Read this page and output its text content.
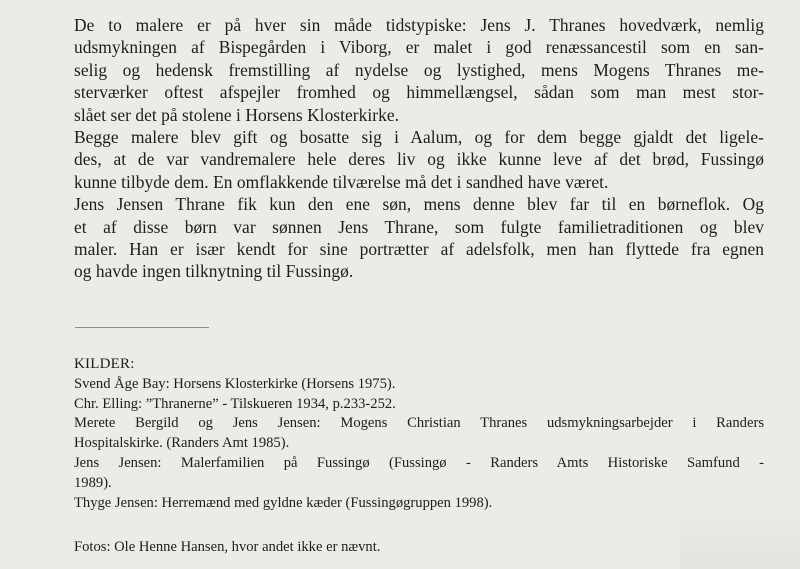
De to malere er på hver sin måde tidstypiske: Jens J. Thranes hovedværk, nemlig
udsmykningen af Bispegården i Viborg, er malet i god renæssancestil som en san-
selig og hedensk fremstilling af nydelse og lystighed, mens Mogens Thranes me-
sterværker oftest afspejler fromhed og himmellængsel, sådan som man mest stor-
slået ser det på stolene i Horsens Klosterkirke.

Begge malere blev gift og bosatte sig i Aalum, og for dem begge gjaldt det ligele-
des, at de var vandremalere hele deres liv og ikke kunne leve af det brød, Fussingø
kunne tilbyde dem. En omflakkende tilværelse må det i sandhed have været.

Jens Jensen Thrane fik kun den ene søn, mens denne blev far til en børneflok. Og
et af disse børn var sønnen Jens Thrane, som fulgte familietraditionen og blev
maler. Han er især kendt for sine portrætter af adelsfolk, men han flyttede fra egnen
og havde ingen tilknytning til Fussingø.

KILDER:
Svend Åge Bay: Horsens Klosterkirke (Horsens 1975).
Chr. Elling: ”Thranerne” - Tilskueren 1934, p.233-252.
Merete Bergild og Jens Jensen: Mogens Christian Thranes udsmykningsarbejder i Randers
Hospitalskirke. (Randers Amt 1985).
Jens Jensen: Malerfamilien på Fussingø (Fussingø - Randers Amts Historiske Samfund -
1989).
Thyge Jensen: Herremænd med gyldne kæder (Fussingøgruppen 1998).
Fotos: Ole Henne Hansen, hvor andet ikke er nævnt.
